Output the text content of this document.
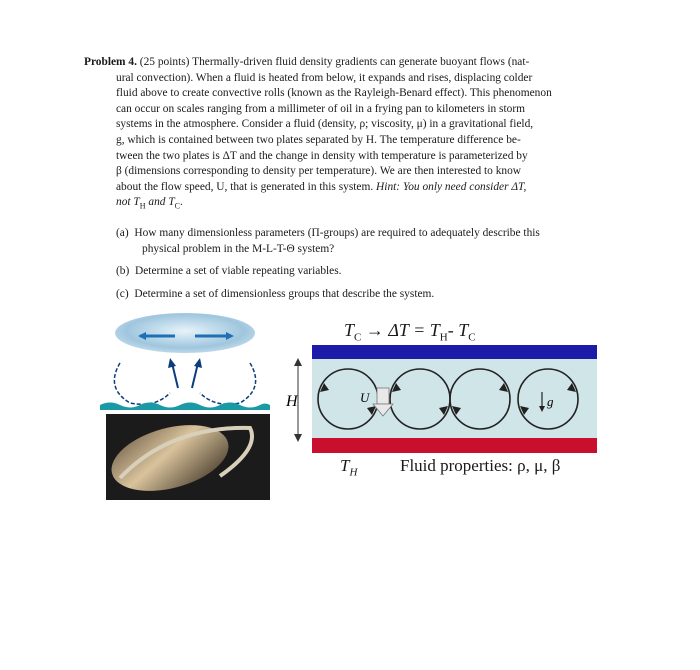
Problem 4. (25 points) Thermally-driven fluid density gradients can generate buoyant flows (nat-

ural convection). When a fluid is heated from below, it expands and rises, displacing colder
fluid above to create convective rolls (known as the Rayleigh-Benard effect). This phenomenon
can occur on scales ranging from a millimeter of oil in a frying pan to kilometers in storm
systems in the atmosphere. Consider a fluid (density, ρ; viscosity, μ) in a gravitational field,
g, which is contained between two plates separated by H. The temperature difference be-
tween the two plates is ΔT and the change in density with temperature is parameterized by
β (dimensions corresponding to density per temperature). We are then interested to know
about the flow speed, U, that is generated in this system. Hint: You only need consider ΔT,
not $T_H$ and $T_C$.
(a) How many dimensionless parameters (Π-groups) are required to adequately describe this
physical problem in the M-L-T-Θ system?
(b) Determine a set of viable repeating variables.
(c) Determine a set of dimensionless groups that describe the system.
$T_C \to \Delta T = T_H-$ $T_C$
H	U	g
$T_H$	Fluid properties: ρ, μ, β
